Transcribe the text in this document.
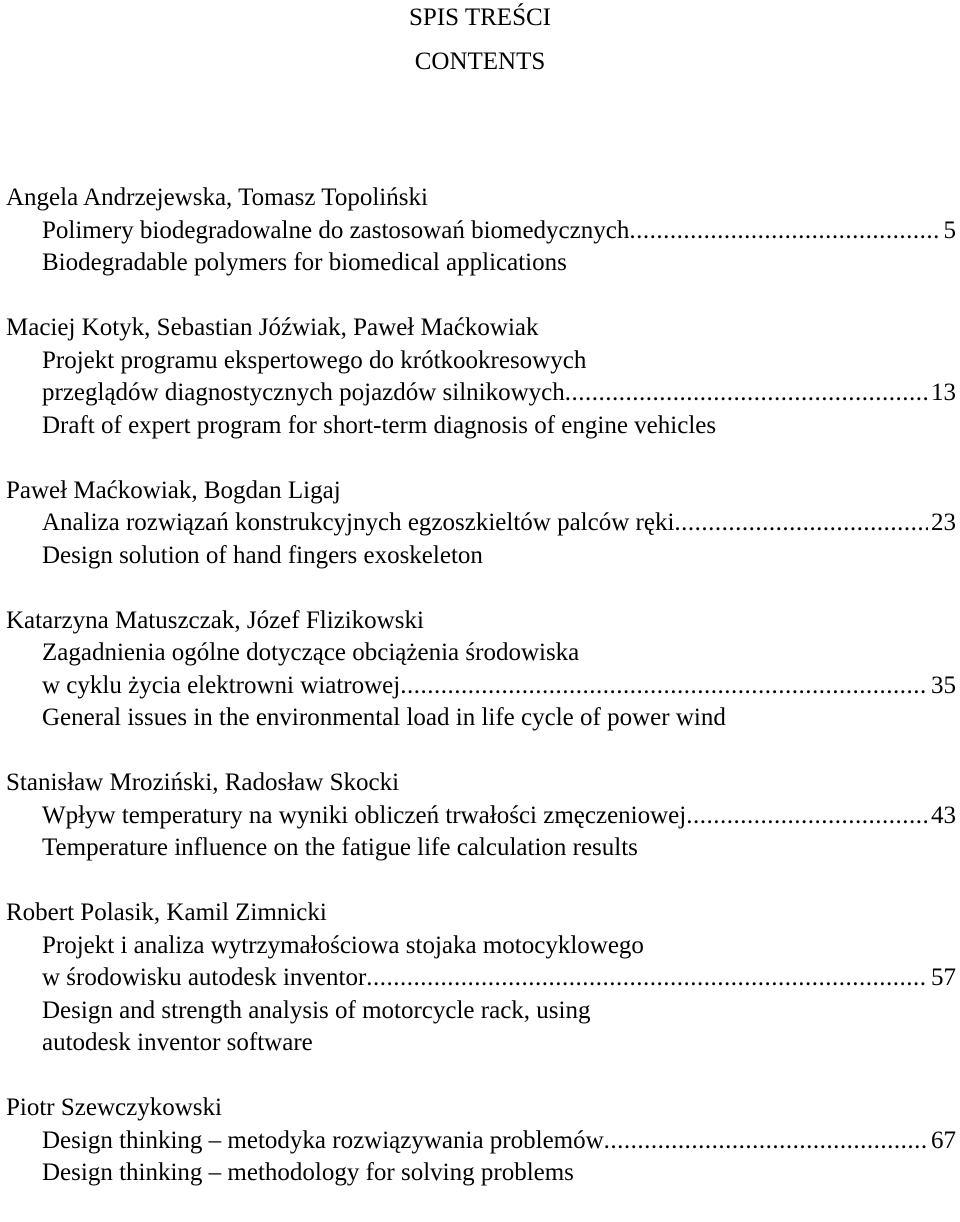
SPIS TREŚCI
CONTENTS
Angela Andrzejewska, Tomasz Topoliński
Polimery biodegradowalne do zastosowań biomedycznych .....	5
Biodegradable polymers for biomedical applications
Maciej Kotyk, Sebastian Jóźwiak, Paweł Maćkowiak
Projekt programu ekspertowego do krótkookresowych
przeglądów diagnostycznych pojazdów silnikowych .....	13
Draft of expert program for short-term diagnosis of engine vehicles
Paweł Maćkowiak, Bogdan Ligaj
Analiza rozwiązań konstrukcyjnych egzoszkieltów palców ręki .....	23
Design solution of hand fingers exoskeleton
Katarzyna Matuszczak, Józef Flizikowski
Zagadnienia ogólne dotyczące obciążenia środowiska
w cyklu życia elektrowni wiatrowej .....	35
General issues in the environmental load in life cycle of power wind
Stanisław Mroziński, Radosław Skocki
Wpływ temperatury na wyniki obliczeń trwałości zmęczeniowej .....	43
Temperature influence on the fatigue life calculation results
Robert Polasik, Kamil Zimnicki
Projekt i analiza wytrzymałościowa stojaka motocyklowego
w środowisku autodesk inventor .....	57
Design and strength analysis of motorcycle rack, using
autodesk inventor software
Piotr Szewczykowski
Design thinking – metodyka rozwiązywania problemów .....	67
Design thinking – methodology for solving problems
